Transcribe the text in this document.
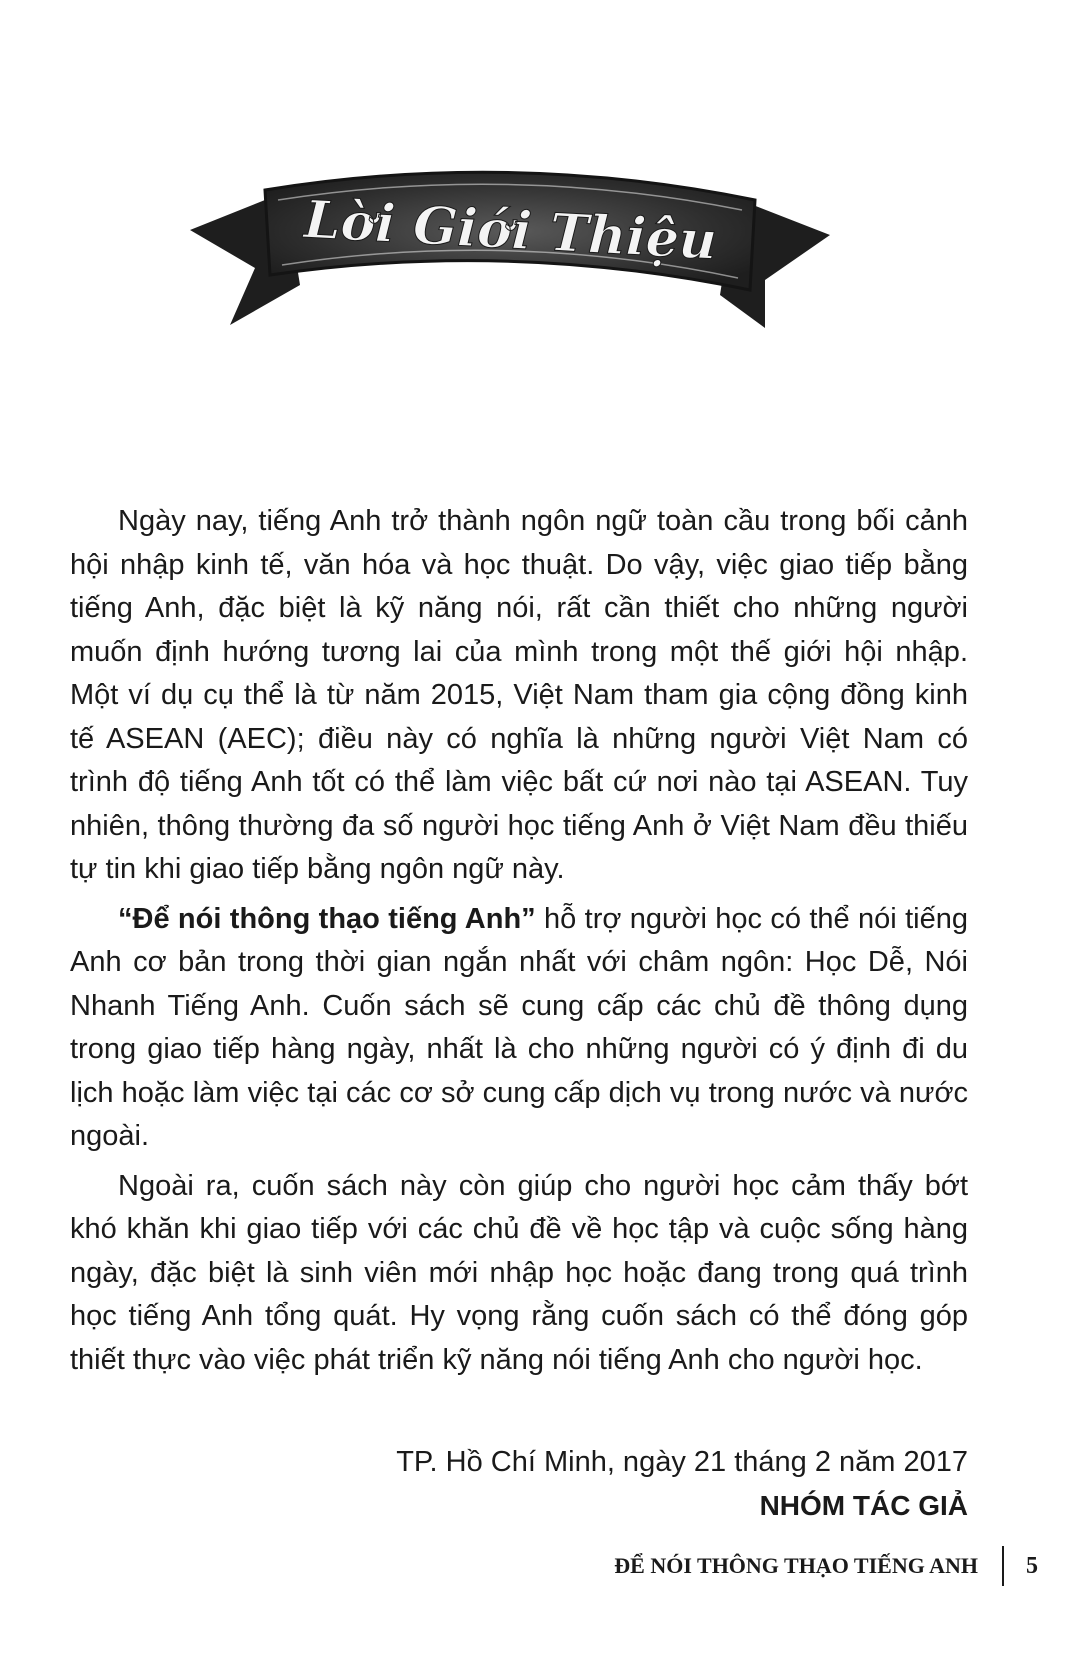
Lời Giới Thiệu

Ngày nay, tiếng Anh trở thành ngôn ngữ toàn cầu trong bối cảnh hội nhập kinh tế, văn hóa và học thuật. Do vậy, việc giao tiếp bằng tiếng Anh, đặc biệt là kỹ năng nói, rất cần thiết cho những người muốn định hướng tương lai của mình trong một thế giới hội nhập. Một ví dụ cụ thể là từ năm 2015, Việt Nam tham gia cộng đồng kinh tế ASEAN (AEC); điều này có nghĩa là những người Việt Nam có trình độ tiếng Anh tốt có thể làm việc bất cứ nơi nào tại ASEAN. Tuy nhiên, thông thường đa số người học tiếng Anh ở Việt Nam đều thiếu tự tin khi giao tiếp bằng ngôn ngữ này.

“Để nói thông thạo tiếng Anh” hỗ trợ người học có thể nói tiếng Anh cơ bản trong thời gian ngắn nhất với châm ngôn: Học Dễ, Nói Nhanh Tiếng Anh. Cuốn sách sẽ cung cấp các chủ đề thông dụng trong giao tiếp hàng ngày, nhất là cho những người có ý định đi du lịch hoặc làm việc tại các cơ sở cung cấp dịch vụ trong nước và nước ngoài.

Ngoài ra, cuốn sách này còn giúp cho người học cảm thấy bớt khó khăn khi giao tiếp với các chủ đề về học tập và cuộc sống hàng ngày, đặc biệt là sinh viên mới nhập học hoặc đang trong quá trình học tiếng Anh tổng quát. Hy vọng rằng cuốn sách có thể đóng góp thiết thực vào việc phát triển kỹ năng nói tiếng Anh cho người học.

TP. Hồ Chí Minh, ngày 21 tháng 2 năm 2017
NHÓM TÁC GIẢ
ĐỂ NÓI THÔNG THẠO TIẾNG ANH 5
